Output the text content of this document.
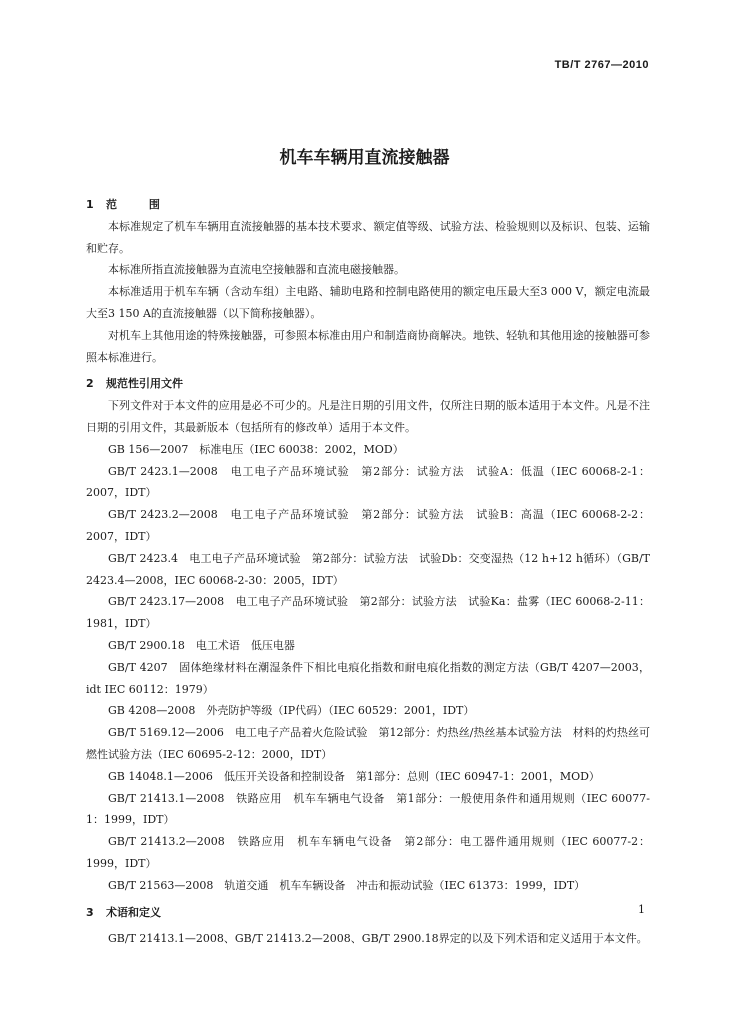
TB/T 2767—2010
机车车辆用直流接触器
1 范 围

本标准规定了机车车辆用直流接触器的基本技术要求、额定值等级、试验方法、检验规则以及标识、包装、运输和贮存。

本标准所指直流接触器为直流电空接触器和直流电磁接触器。

本标准适用于机车车辆（含动车组）主电路、辅助电路和控制电路使用的额定电压最大至3 000 V，额定电流最大至3 150 A的直流接触器（以下简称接触器）。

对机车上其他用途的特殊接触器，可参照本标准由用户和制造商协商解决。地铁、轻轨和其他用途的接触器可参照本标准进行。

2 规范性引用文件

下列文件对于本文件的应用是必不可少的。凡是注日期的引用文件，仅所注日期的版本适用于本文件。凡是不注日期的引用文件，其最新版本（包括所有的修改单）适用于本文件。

GB 156—2007　标准电压（IEC 60038：2002，MOD）

GB/T 2423.1—2008　电工电子产品环境试验　第2部分：试验方法　试验A：低温（IEC 60068-2-1：2007，IDT）

GB/T 2423.2—2008　电工电子产品环境试验　第2部分：试验方法　试验B：高温（IEC 60068-2-2：2007，IDT）

GB/T 2423.4　电工电子产品环境试验　第2部分：试验方法　试验Db：交变湿热（12 h+12 h循环）（GB/T 2423.4—2008，IEC 60068-2-30：2005，IDT）

GB/T 2423.17—2008　电工电子产品环境试验　第2部分：试验方法　试验Ka：盐雾（IEC 60068-2-11：1981，IDT）

GB/T 2900.18　电工术语　低压电器

GB/T 4207　固体绝缘材料在潮湿条件下相比电痕化指数和耐电痕化指数的测定方法（GB/T 4207—2003，idt IEC 60112：1979）

GB 4208—2008　外壳防护等级（IP代码）（IEC 60529：2001，IDT）

GB/T 5169.12—2006　电工电子产品着火危险试验　第12部分：灼热丝/热丝基本试验方法　材料的灼热丝可燃性试验方法（IEC 60695-2-12：2000，IDT）

GB 14048.1—2006　低压开关设备和控制设备　第1部分：总则（IEC 60947-1：2001，MOD）

GB/T 21413.1—2008　铁路应用　机车车辆电气设备　第1部分：一般使用条件和通用规则（IEC 60077-1：1999，IDT）

GB/T 21413.2—2008　铁路应用　机车车辆电气设备　第2部分：电工器件通用规则（IEC 60077-2：1999，IDT）

GB/T 21563—2008　轨道交通　机车车辆设备　冲击和振动试验（IEC 61373：1999，IDT）

3 术语和定义

GB/T 21413.1—2008、GB/T 21413.2—2008、GB/T 2900.18界定的以及下列术语和定义适用于本文件。

1
